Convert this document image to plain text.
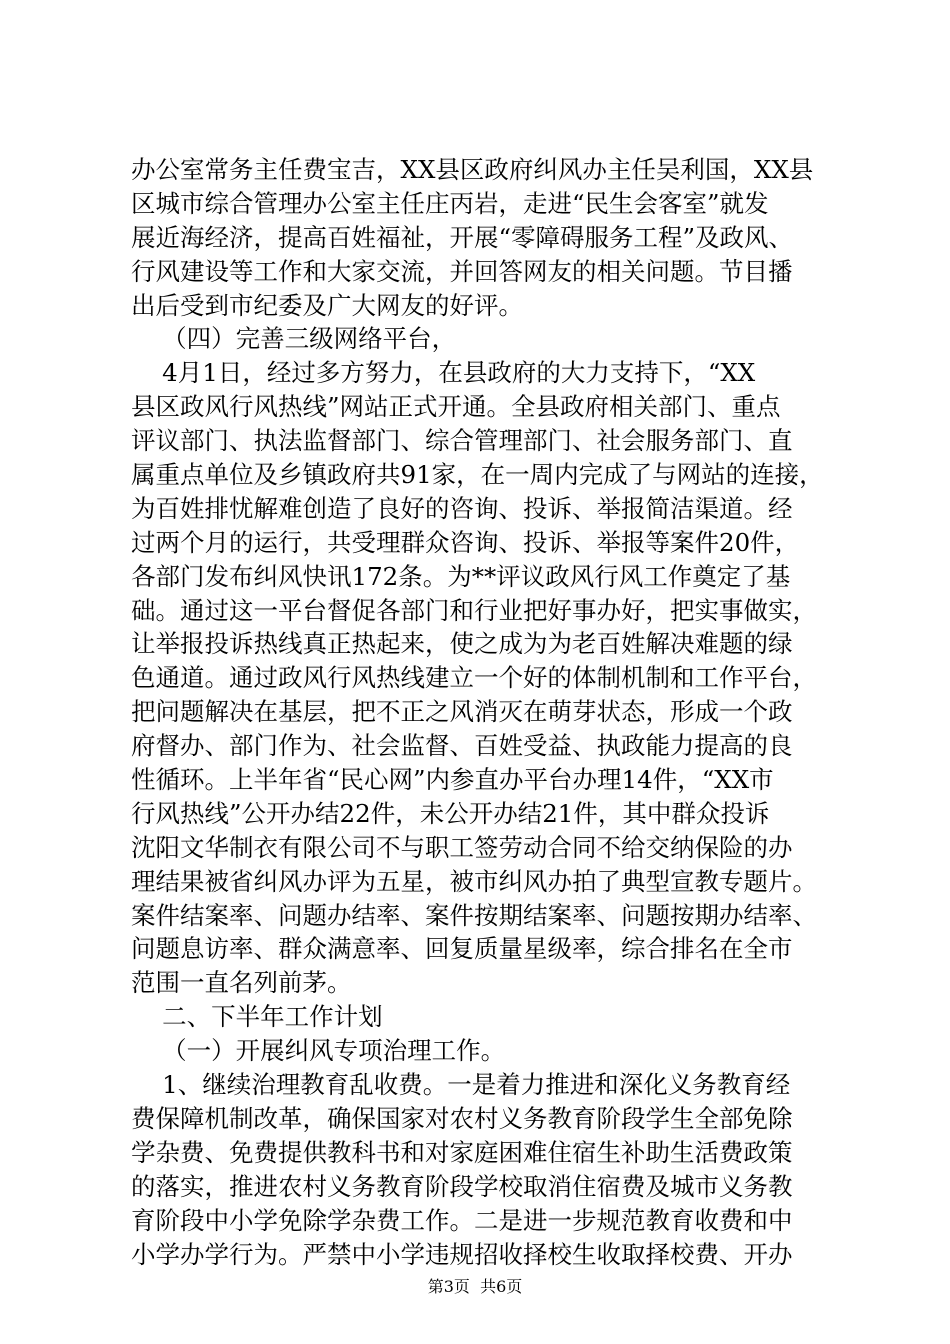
办公室常务主任费宝吉，XX县区政府纠风办主任吴利国，XX县
区城市综合管理办公室主任庄丙岩，走进“民生会客室”就发
展近海经济，提高百姓福祉，开展“零障碍服务工程”及政风、
行风建设等工作和大家交流，并回答网友的相关问题。节目播
出后受到市纪委及广大网友的好评。
（四）完善三级网络平台，
4月1日，经过多方努力，在县政府的大力支持下，“XX
县区政风行风热线”网站正式开通。全县政府相关部门、重点
评议部门、执法监督部门、综合管理部门、社会服务部门、直
属重点单位及乡镇政府共91家，在一周内完成了与网站的连接，
为百姓排忧解难创造了良好的咨询、投诉、举报简洁渠道。经
过两个月的运行，共受理群众咨询、投诉、举报等案件20件，
各部门发布纠风快讯172条。为**评议政风行风工作奠定了基
础。通过这一平台督促各部门和行业把好事办好，把实事做实，
让举报投诉热线真正热起来，使之成为为老百姓解决难题的绿
色通道。通过政风行风热线建立一个好的体制机制和工作平台，
把问题解决在基层，把不正之风消灭在萌芽状态，形成一个政
府督办、部门作为、社会监督、百姓受益、执政能力提高的良
性循环。上半年省“民心网”内参直办平台办理14件，“XX市
行风热线”公开办结22件，未公开办结21件，其中群众投诉
沈阳文华制衣有限公司不与职工签劳动合同不给交纳保险的办
理结果被省纠风办评为五星，被市纠风办拍了典型宣教专题片。
案件结案率、问题办结率、案件按期结案率、问题按期办结率、
问题息访率、群众满意率、回复质量星级率，综合排名在全市
范围一直名列前茅。
二、下半年工作计划
（一）开展纠风专项治理工作。
1、继续治理教育乱收费。一是着力推进和深化义务教育经
费保障机制改革，确保国家对农村义务教育阶段学生全部免除
学杂费、免费提供教科书和对家庭困难住宿生补助生活费政策
的落实，推进农村义务教育阶段学校取消住宿费及城市义务教
育阶段中小学免除学杂费工作。二是进一步规范教育收费和中
小学办学行为。严禁中小学违规招收择校生收取择校费、开办
第3页  共6页
